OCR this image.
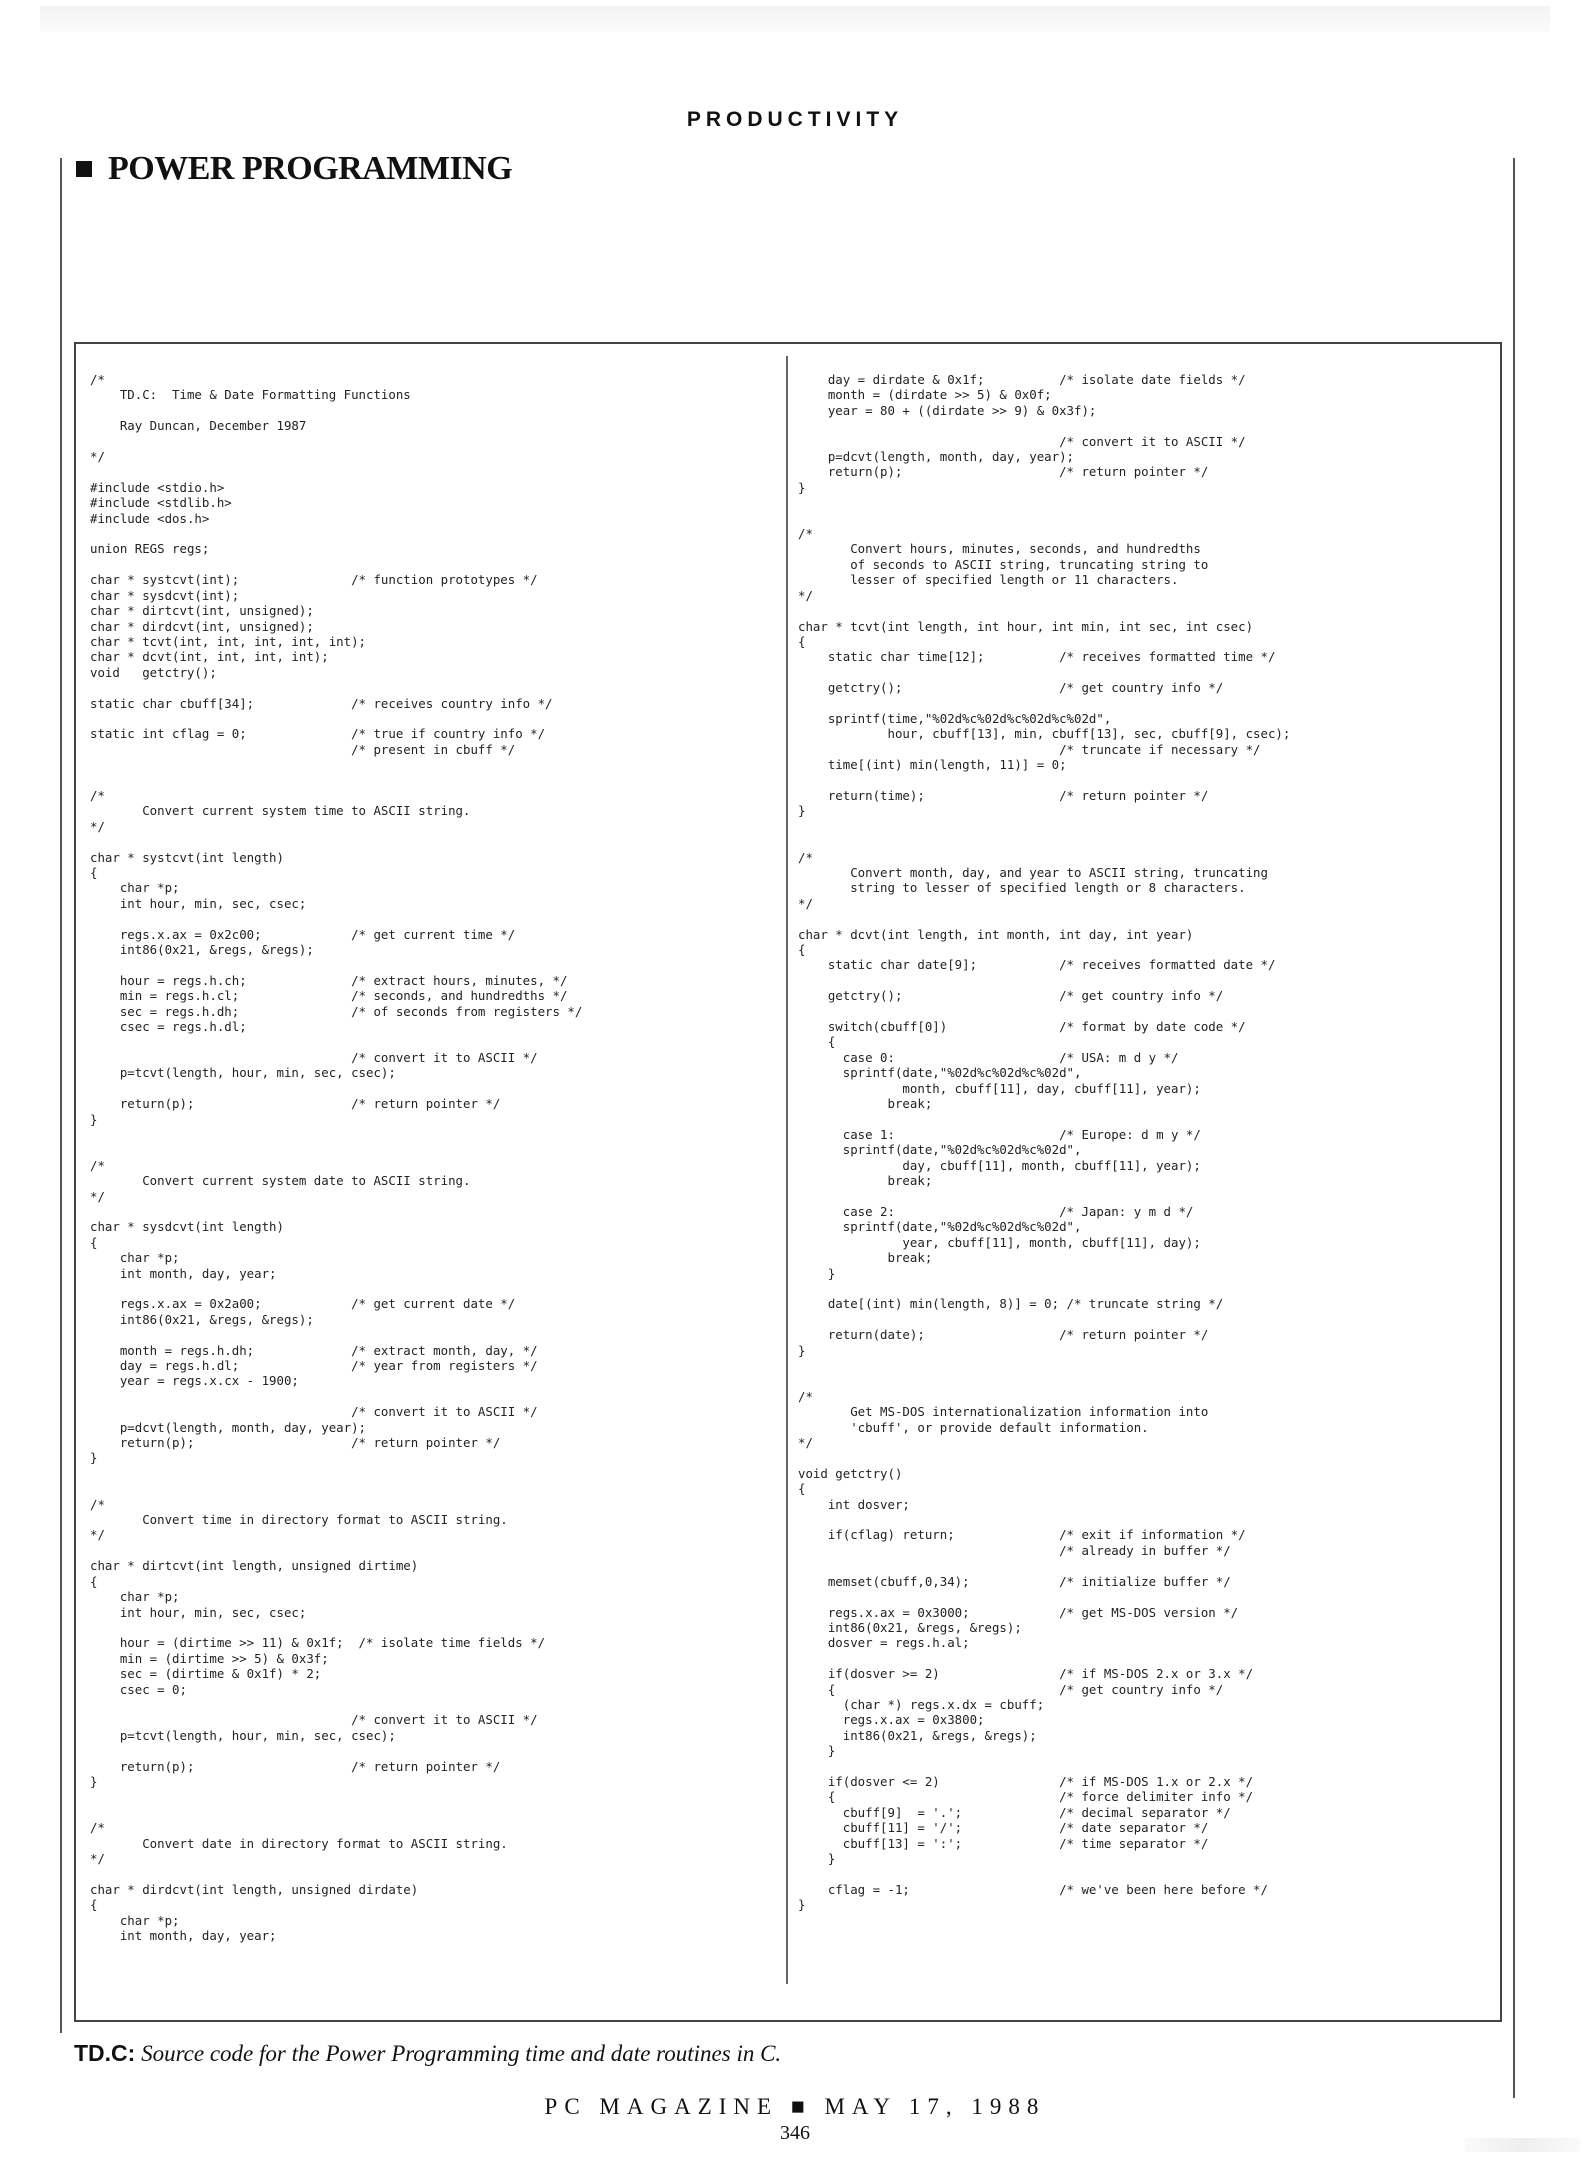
PRODUCTIVITY
POWER PROGRAMMING
/*
TD.C:  Time & Date Formatting Functions

Ray Duncan, December 1987

*/

#include <stdio.h>
#include <stdlib.h>
#include <dos.h>

union REGS regs;

char * systcvt(int);               /* function prototypes */
char * sysdcvt(int);
char * dirtcvt(int, unsigned);
char * dirdcvt(int, unsigned);
char * tcvt(int, int, int, int, int);
char * dcvt(int, int, int, int);
void   getctry();

static char cbuff[34];             /* receives country info */

static int cflag = 0;              /* true if country info */
/* present in cbuff */

/*
Convert current system time to ASCII string.
*/

char * systcvt(int length)
{
char *p;
int hour, min, sec, csec;

regs.x.ax = 0x2c00;            /* get current time */
int86(0x21, &regs, &regs);

hour = regs.h.ch;              /* extract hours, minutes, */
min = regs.h.cl;               /* seconds, and hundredths */
sec = regs.h.dh;               /* of seconds from registers */
csec = regs.h.dl;

/* convert it to ASCII */
p=tcvt(length, hour, min, sec, csec);

return(p);                     /* return pointer */
}

/*
Convert current system date to ASCII string.
*/

char * sysdcvt(int length)
{
char *p;
int month, day, year;

regs.x.ax = 0x2a00;            /* get current date */
int86(0x21, &regs, &regs);

month = regs.h.dh;             /* extract month, day, */
day = regs.h.dl;               /* year from registers */
year = regs.x.cx - 1900;

/* convert it to ASCII */
p=dcvt(length, month, day, year);
return(p);                     /* return pointer */
}

/*
Convert time in directory format to ASCII string.
*/

char * dirtcvt(int length, unsigned dirtime)
{
char *p;
int hour, min, sec, csec;

hour = (dirtime >> 11) & 0x1f;  /* isolate time fields */
min = (dirtime >> 5) & 0x3f;
sec = (dirtime & 0x1f) * 2;
csec = 0;

/* convert it to ASCII */
p=tcvt(length, hour, min, sec, csec);

return(p);                     /* return pointer */
}

/*
Convert date in directory format to ASCII string.
*/

char * dirdcvt(int length, unsigned dirdate)
{
char *p;
int month, day, year;
day = dirdate & 0x1f;          /* isolate date fields */
month = (dirdate >> 5) & 0x0f;
year = 80 + ((dirdate >> 9) & 0x3f);

/* convert it to ASCII */
p=dcvt(length, month, day, year);
return(p);                     /* return pointer */
}

/*
Convert hours, minutes, seconds, and hundredths
of seconds to ASCII string, truncating string to
lesser of specified length or 11 characters.
*/

char * tcvt(int length, int hour, int min, int sec, int csec)
{
static char time[12];          /* receives formatted time */

getctry();                     /* get country info */

sprintf(time,"%02d%c%02d%c%02d%c%02d",
hour, cbuff[13], min, cbuff[13], sec, cbuff[9], csec);
/* truncate if necessary */
time[(int) min(length, 11)] = 0;

return(time);                  /* return pointer */
}

/*
Convert month, day, and year to ASCII string, truncating
string to lesser of specified length or 8 characters.
*/

char * dcvt(int length, int month, int day, int year)
{
static char date[9];           /* receives formatted date */

getctry();                     /* get country info */

switch(cbuff[0])               /* format by date code */
{
case 0:                      /* USA: m d y */
sprintf(date,"%02d%c%02d%c%02d",
month, cbuff[11], day, cbuff[11], year);
break;

case 1:                      /* Europe: d m y */
sprintf(date,"%02d%c%02d%c%02d",
day, cbuff[11], month, cbuff[11], year);
break;

case 2:                      /* Japan: y m d */
sprintf(date,"%02d%c%02d%c%02d",
year, cbuff[11], month, cbuff[11], day);
break;
}

date[(int) min(length, 8)] = 0; /* truncate string */

return(date);                  /* return pointer */
}

/*
Get MS-DOS internationalization information into
'cbuff', or provide default information.
*/

void getctry()
{
int dosver;

if(cflag) return;              /* exit if information */
/* already in buffer */

memset(cbuff,0,34);            /* initialize buffer */

regs.x.ax = 0x3000;            /* get MS-DOS version */
int86(0x21, &regs, &regs);
dosver = regs.h.al;

if(dosver >= 2)                /* if MS-DOS 2.x or 3.x */
{                              /* get country info */
(char *) regs.x.dx = cbuff;
regs.x.ax = 0x3800;
int86(0x21, &regs, &regs);
}

if(dosver <= 2)                /* if MS-DOS 1.x or 2.x */
{                              /* force delimiter info */
cbuff[9]  = '.';             /* decimal separator */
cbuff[11] = '/';             /* date separator */
cbuff[13] = ':';             /* time separator */
}

cflag = -1;                    /* we've been here before */
}
TD.C: Source code for the Power Programming time and date routines in C.
PC MAGAZINE ■ MAY 17, 1988
346
